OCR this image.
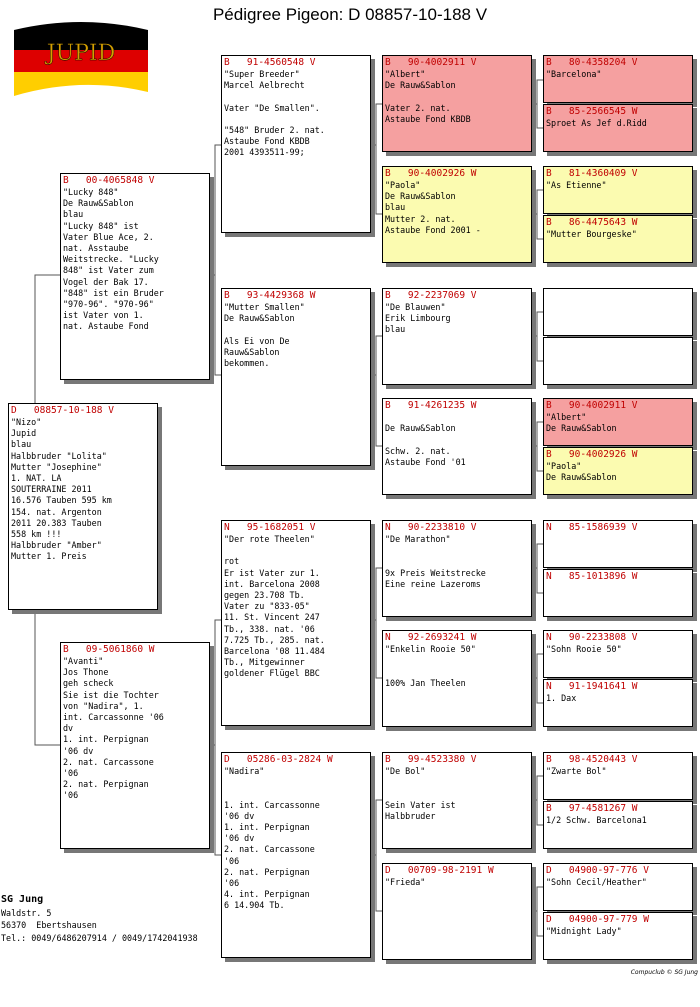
Pédigree Pigeon: D 08857-10-188 V
JUPID
D   08857-10-188 V
"Nizo"
Jupid
blau
Halbbruder "Lolita"
Mutter "Josephine"
1. NAT. LA
SOUTERRAINE 2011
16.576 Tauben 595 km
154. nat. Argenton
2011 20.383 Tauben
558 km !!!
Halbbruder "Amber"
Mutter 1. Preis
B   00-4065848 V
"Lucky 848"
De Rauw&Sablon
blau
"Lucky 848" ist
Vater Blue Ace, 2.
nat. Asstaube
Weitstrecke. "Lucky
848" ist Vater zum
Vogel der Bak 17.
"848" ist ein Bruder
"970-96". "970-96"
ist Vater von 1.
nat. Astaube Fond
B   09-5061860 W
"Avanti"
Jos Thone
geh scheck
Sie ist die Tochter
von "Nadira", 1.
int. Carcassonne '06
dv
1. int. Perpignan
'06 dv
2. nat. Carcassone
'06
2. nat. Perpignan
'06
B   91-4560548 V
"Super Breeder"
Marcel Aelbrecht

Vater "De Smallen".

"548" Bruder 2. nat.
Astaube Fond KBDB
2001 4393511-99;
B   93-4429368 W
"Mutter Smallen"
De Rauw&Sablon

Als Ei von De
Rauw&Sablon
bekommen.
N   95-1682051 V
"Der rote Theelen"

rot
Er ist Vater zur 1.
int. Barcelona 2008
gegen 23.708 Tb.
Vater zu "833-05"
11. St. Vincent 247
Tb., 338. nat. '06
7.725 Tb., 285. nat.
Barcelona '08 11.484
Tb., Mitgewinner
goldener Flügel BBC
D   05286-03-2824 W
"Nadira"

1. int. Carcassonne
'06 dv
1. int. Perpignan
'06 dv
2. nat. Carcassone
'06
2. nat. Perpignan
'06
4. int. Perpignan
6 14.904 Tb.
B   90-4002911 V
"Albert"
De Rauw&Sablon

Vater 2. nat.
Astaube Fond KBDB
B   90-4002926 W
"Paola"
De Rauw&Sablon
blau
Mutter 2. nat.
Astaube Fond 2001 -
B   92-2237069 V
"De Blauwen"
Erik Limbourg
blau
B   91-4261235 W

De Rauw&Sablon

Schw. 2. nat.
Astaube Fond '01
N   90-2233810 V
"De Marathon"

9x Preis Weitstrecke
Eine reine Lazeroms
N   92-2693241 W
"Enkelin Rooie 50"

100% Jan Theelen
B   99-4523380 V
"De Bol"

Sein Vater ist
Halbbruder
D   00709-98-2191 W
"Frieda"
B   80-4358204 V
"Barcelona"
B   85-2566545 W
Sproet As Jef d.Ridd
B   81-4360409 V
"As Etienne"
B   86-4475643 W
"Mutter Bourgeske"
B   90-4002911 V
"Albert"
De Rauw&Sablon
B   90-4002926 W
"Paola"
De Rauw&Sablon
N   85-1586939 V
N   85-1013896 W
N   90-2233808 V
"Sohn Rooie 50"
N   91-1941641 W
1. Dax
B   98-4520443 V
"Zwarte Bol"
B   97-4581267 W
1/2 Schw. Barcelona1
D   04900-97-776 V
"Sohn Cecil/Heather"
D   04900-97-779 W
"Midnight Lady"
SG Jung
Waldstr. 5
56370  Ebertshausen
Tel.: 0049/6486207914 / 0049/1742041938
Compuclub © SG Jung
